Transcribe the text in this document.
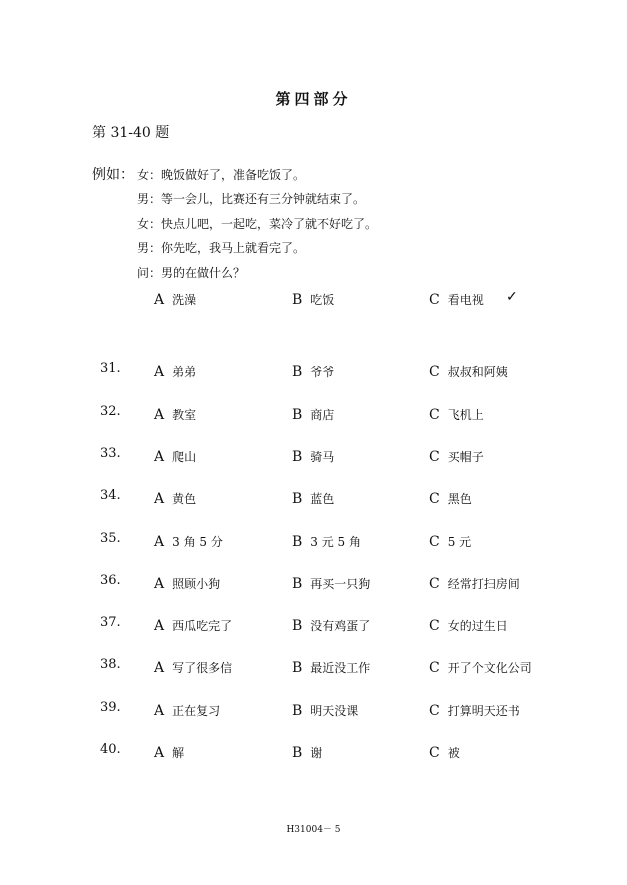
第四部分
第 31-40 题
例如： 女：晚饭做好了，准备吃饭了。
男：等一会儿，比赛还有三分钟就结束了。
女：快点儿吧，一起吃，菜冷了就不好吃了。
男：你先吃，我马上就看完了。
问：男的在做什么？
A 洗澡	B 吃饭	C 看电视 ✓
31.	A 弟弟	B 爷爷	C 叔叔和阿姨
32.	A 教室	B 商店	C 飞机上
33.	A 爬山	B 骑马	C 买帽子
34.	A 黄色	B 蓝色	C 黑色
35.	A 3 角 5 分	B 3 元 5 角	C 5 元
36.	A 照顾小狗	B 再买一只狗	C 经常打扫房间
37.	A 西瓜吃完了	B 没有鸡蛋了	C 女的过生日
38.	A 写了很多信	B 最近没工作	C 开了个文化公司
39.	A 正在复习	B 明天没课	C 打算明天还书
40.	A 解	B 谢	C 被
H31004－ 5
